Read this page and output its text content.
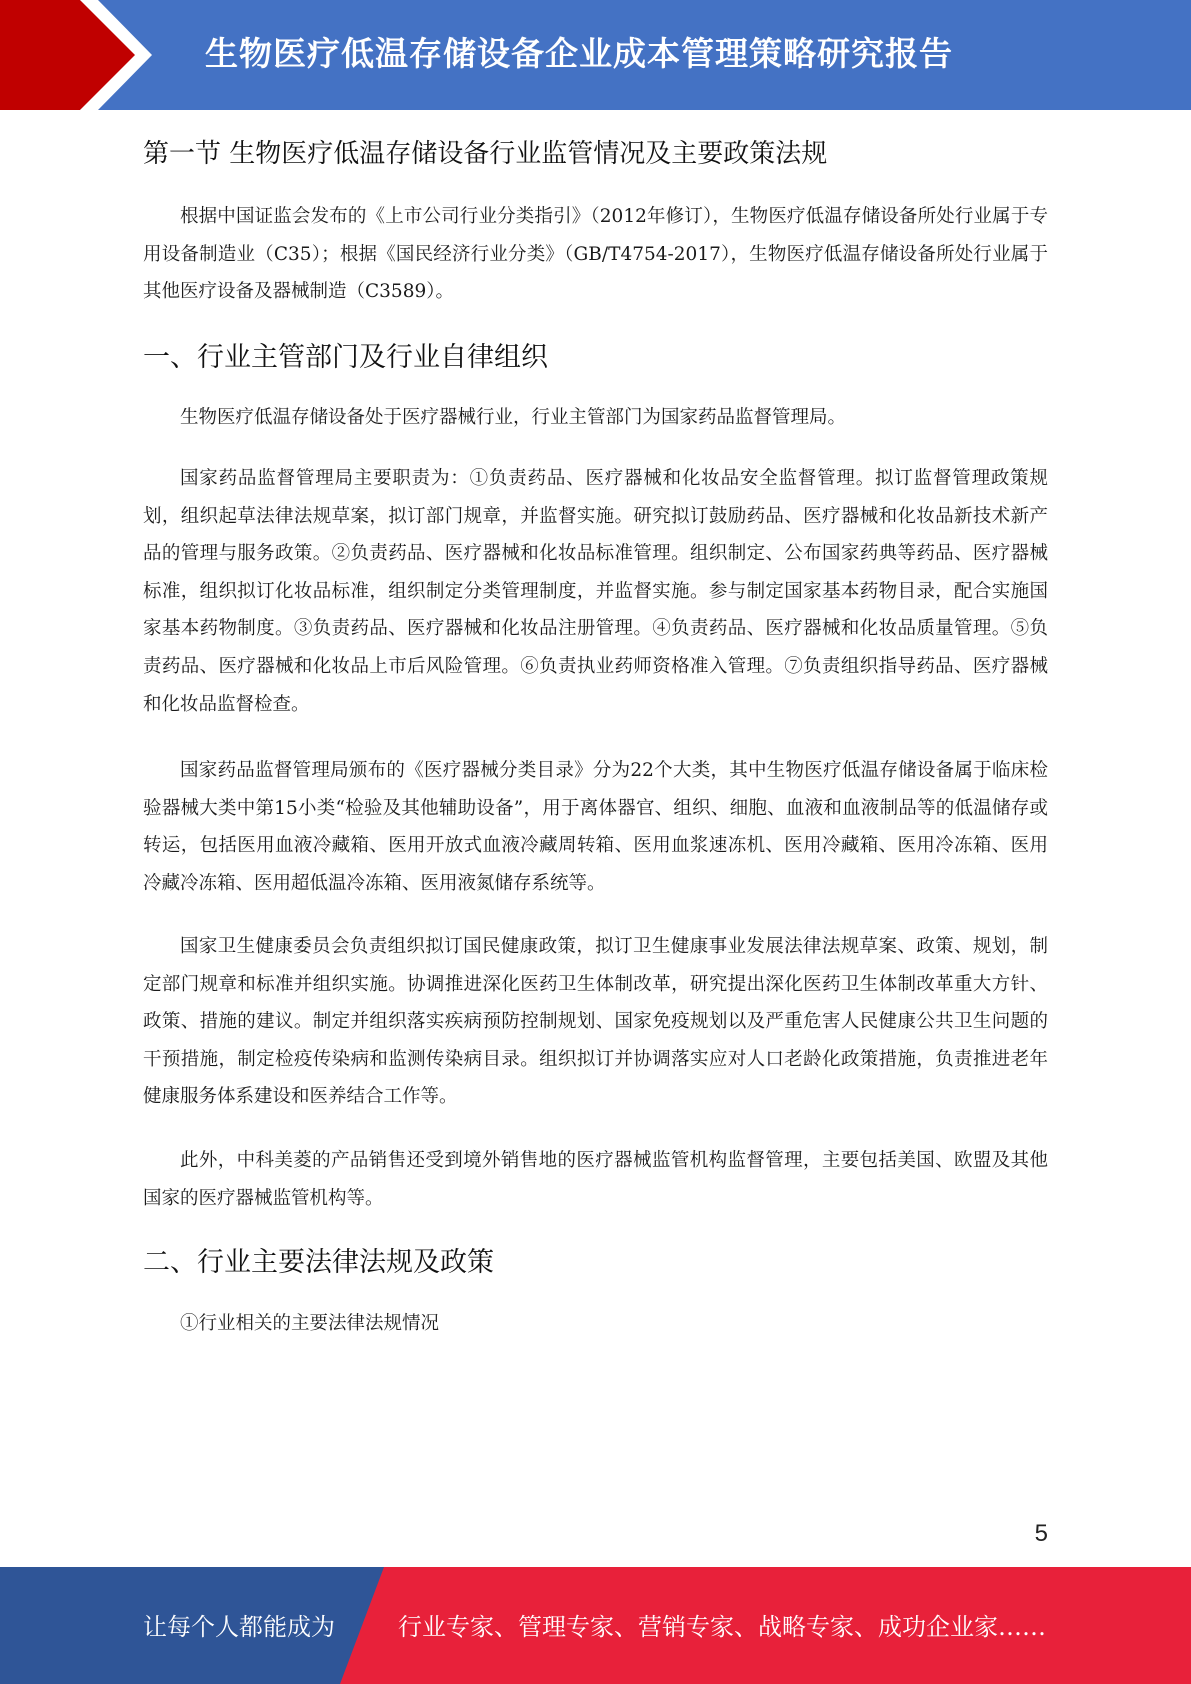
生物医疗低温存储设备企业成本管理策略研究报告
第一节 生物医疗低温存储设备行业监管情况及主要政策法规

根据中国证监会发布的《上市公司行业分类指引》（2012年修订），生物医疗低温存储设备所处行业属于专用设备制造业（C35）；根据《国民经济行业分类》（GB/T4754-2017），生物医疗低温存储设备所处行业属于其他医疗设备及器械制造（C3589）。

一、行业主管部门及行业自律组织

生物医疗低温存储设备处于医疗器械行业，行业主管部门为国家药品监督管理局。

国家药品监督管理局主要职责为：①负责药品、医疗器械和化妆品安全监督管理。拟订监督管理政策规划，组织起草法律法规草案，拟订部门规章，并监督实施。研究拟订鼓励药品、医疗器械和化妆品新技术新产品的管理与服务政策。②负责药品、医疗器械和化妆品标准管理。组织制定、公布国家药典等药品、医疗器械标准，组织拟订化妆品标准，组织制定分类管理制度，并监督实施。参与制定国家基本药物目录，配合实施国家基本药物制度。③负责药品、医疗器械和化妆品注册管理。④负责药品、医疗器械和化妆品质量管理。⑤负责药品、医疗器械和化妆品上市后风险管理。⑥负责执业药师资格准入管理。⑦负责组织指导药品、医疗器械和化妆品监督检查。

国家药品监督管理局颁布的《医疗器械分类目录》分为22个大类，其中生物医疗低温存储设备属于临床检验器械大类中第15小类“检验及其他辅助设备”，用于离体器官、组织、细胞、血液和血液制品等的低温储存或转运，包括医用血液冷藏箱、医用开放式血液冷藏周转箱、医用血浆速冻机、医用冷藏箱、医用冷冻箱、医用冷藏冷冻箱、医用超低温冷冻箱、医用液氮储存系统等。

国家卫生健康委员会负责组织拟订国民健康政策，拟订卫生健康事业发展法律法规草案、政策、规划，制定部门规章和标准并组织实施。协调推进深化医药卫生体制改革，研究提出深化医药卫生体制改革重大方针、政策、措施的建议。制定并组织落实疾病预防控制规划、国家免疫规划以及严重危害人民健康公共卫生问题的干预措施，制定检疫传染病和监测传染病目录。组织拟订并协调落实应对人口老龄化政策措施，负责推进老年健康服务体系建设和医养结合工作等。

此外，中科美菱的产品销售还受到境外销售地的医疗器械监管机构监督管理，主要包括美国、欧盟及其他国家的医疗器械监管机构等。

二、行业主要法律法规及政策

①行业相关的主要法律法规情况

5
让每个人都能成为	行业专家、管理专家、营销专家、战略专家、成功企业家……
